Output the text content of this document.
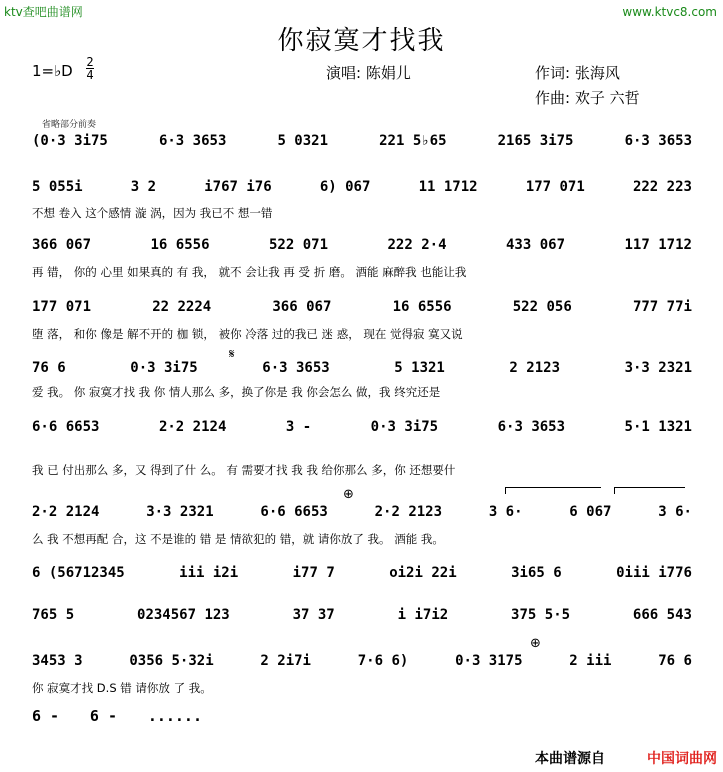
ktv查吧曲谱网	www.ktvc8.com
你寂寞才找我
1=♭D 2
4	演唱: 陈娟儿	作词: 张海风
作曲: 欢子 六哲
省略部分前奏
(0·3 3i75	6·3 3653	5 0321	221 5♭65	2165 3i75	6·3 3653
5 055i	3 2	i767 i76	6) 067	11 1712	177 071	222 223
不想 卷入 这个感情 漩 涡，因为 我已不 想一错
366 067	16 6556	522 071	222 2·4	433 067	117 1712
再 错， 你的 心里 如果真的 有 我， 就不 会让我 再 受 折 磨。 酒能 麻醉我 也能让我
177 071	22 2224	366 067	16 6556	522 056	777 77i
堕 落， 和你 像是 解不开的 枷 锁， 被你 冷落 过的我已 迷 惑， 现在 觉得寂 寞又说
76 6	0·3 3i75	6·3 3653	5 1321	2 2123	3·3 2321
𝄋
爱 我。 你 寂寞才找 我 你 情人那么 多，换了你是 我 你会怎么 做，我 终究还是
6·6 6653	2·2 2124	3 -	0·3 3i75	6·3 3653	5·1 1321
我 已 付出那么 多，又 得到了什 么。 有 需要才找 我 我 给你那么 多，你 还想要什
⊕
2·2 2124	3·3 2321	6·6 6653	2·2 2123	3 6·	6 067	3 6·
么 我 不想再配 合，这 不是谁的 错 是 情欲犯的 错，就 请你放了 我。 酒能 我。
6 (56712345	iii i2i	i77 7	oi2i 22i	3i65 6	0iii i776
765 5	0234567 123	37 37	i i7i2	375 5·5	666 543
⊕
3453 3	0356 5·32i	2 2i7i	7·6 6)	0·3 3175	2 iii	76 6
你 寂寞才找 D.S 错 请你放 了 我。
6 - 6 - ......
本曲谱源自	中国词曲网
